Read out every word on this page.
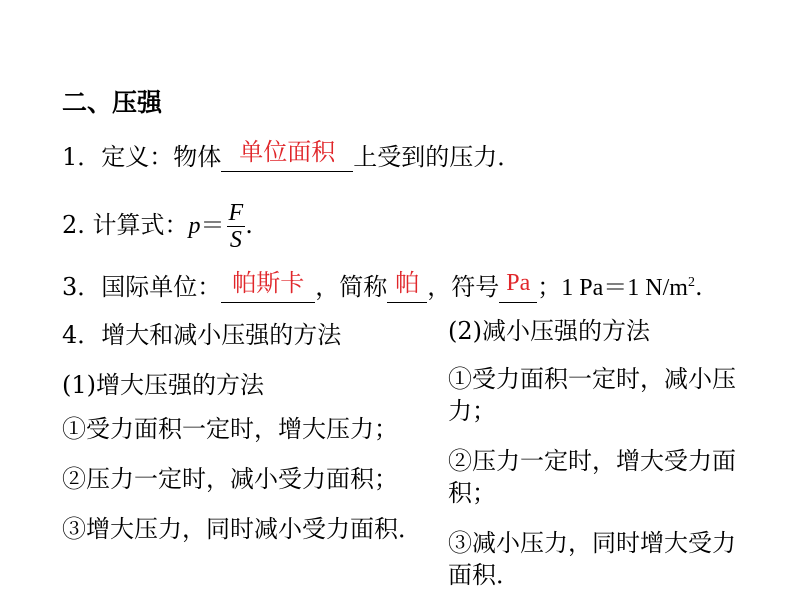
二、压强
1．定义：物体 单位面积 上受到的压力．
2. 计算式：$p= \frac{F}{S}$ .
3．国际单位： 帕斯卡 ，简称 帕 ，符号 Pa ；1 Pa＝1 $N/m^2$.
4．增大和减小压强的方法
(1)增大压强的方法
①受力面积一定时，增大压力；
②压力一定时，减小受力面积；
③增大压力，同时减小受力面积．
(2)减小压强的方法
①受力面积一定时，减小压
力；
②压力一定时，增大受力面
积；
③减小压力，同时增大受力
面积．
